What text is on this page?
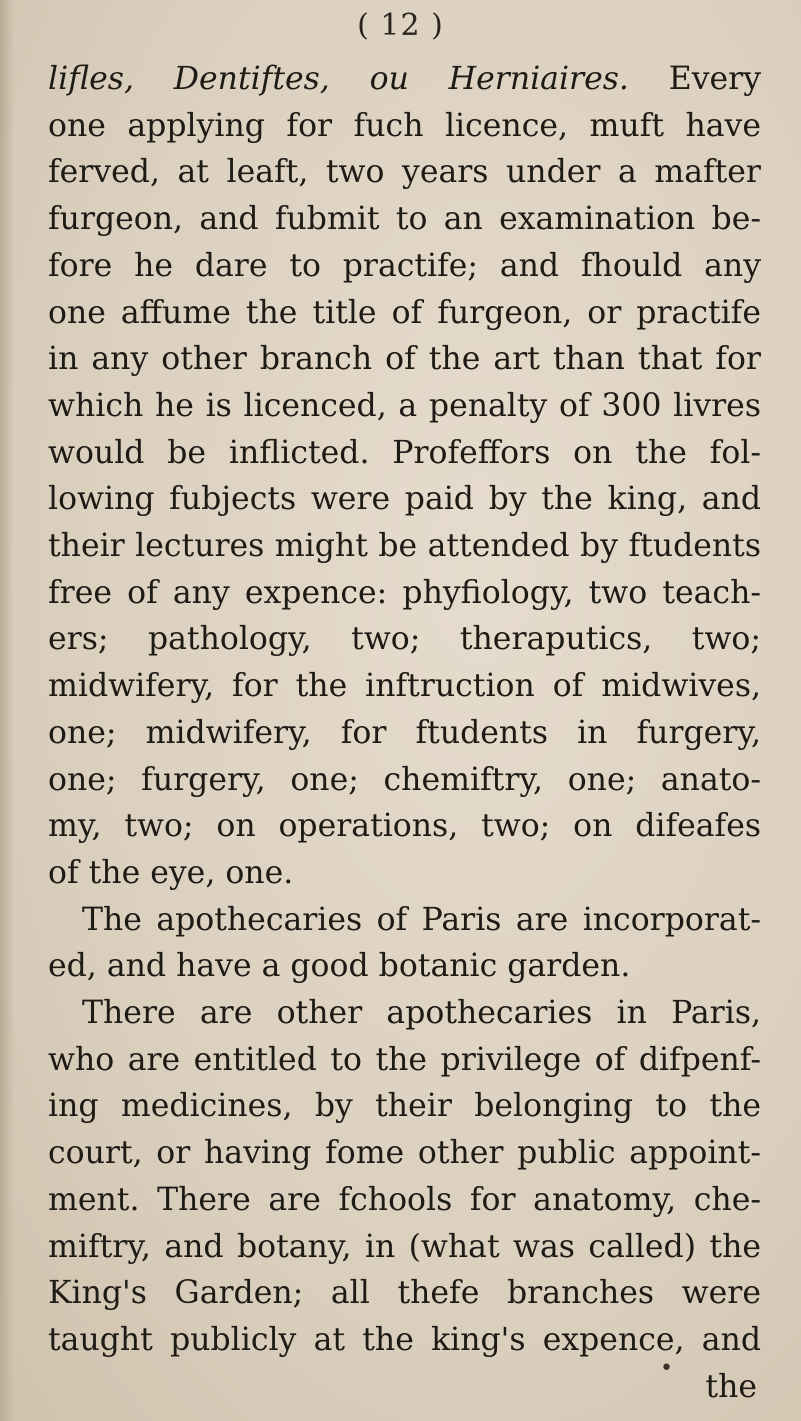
( 12 )
lifles, Dentiftes, ou Herniaires. Every
one applying for fuch licence, muft have
ferved, at leaft, two years under a mafter
furgeon, and fubmit to an examination be-
fore he dare to practife; and fhould any
one affume the title of furgeon, or practife
in any other branch of the art than that for
which he is licenced, a penalty of 300 livres
would be inflicted. Profeffors on the fol-
lowing fubjects were paid by the king, and
their lectures might be attended by ftudents
free of any expence: phyfiology, two teach-
ers; pathology, two; theraputics, two;
midwifery, for the inftruction of midwives,
one; midwifery, for ftudents in furgery,
one; furgery, one; chemiftry, one; anato-
my, two; on operations, two; on difeafes
of the eye, one.
The apothecaries of Paris are incorporat-
ed, and have a good botanic garden.
There are other apothecaries in Paris,
who are entitled to the privilege of difpenf-
ing medicines, by their belonging to the
court, or having fome other public appoint-
ment. There are fchools for anatomy, che-
miftry, and botany, in (what was called) the
King's Garden; all thefe branches were
taught publicly at the king's expence, and
the
•
